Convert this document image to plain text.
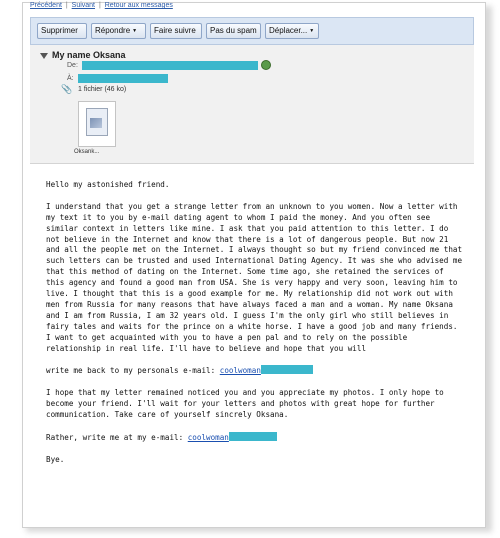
Précédent | Suivant | Retour aux messages
Supprimer	Répondre ▼	Faire suivre	Pas du spam	Déplacer... ▼
My name Oksana
De:
À:
📎 1 fichier (46 ko)
Oksank...

Hello my astonished friend.

I understand that you get a strange letter from an unknown to you women. Now a letter with my text it to you by e-mail dating agent to whom I paid the money. And you often see similar context in letters like mine. I ask that you paid attention to this letter. I do not believe in the Internet and know that there is a lot of dangerous people. But now 21 and all the people met on the Internet. I always thought so but my friend convinced me that such letters can be trusted and used International Dating Agency. It was she who advised me that this method of dating on the Internet. Some time ago, she retained the services of this agency and found a good man from USA. She is very happy and very soon, leaving him to live. I thought that this is a good example for me. My relationship did not work out with men from Russia for many reasons that have always faced a man and a woman. My name Oksana and I am from Russia, I am 32 years old. I guess I'm the only girl who still believes in fairy tales and waits for the prince on a white horse. I have a good job and many friends. I want to get acquainted with you to have a pen pal and to rely on the possible relationship in real life. I'll have to believe and hope that you will

write me back to my personals e-mail: coolwoman

I hope that my letter remained noticed you and you appreciate my photos. I only hope to become your friend. I'll wait for your letters and photos with great hope for further communication. Take care of yourself sincrely Oksana.

Rather, write me at my e-mail: coolwoman

Bye.
